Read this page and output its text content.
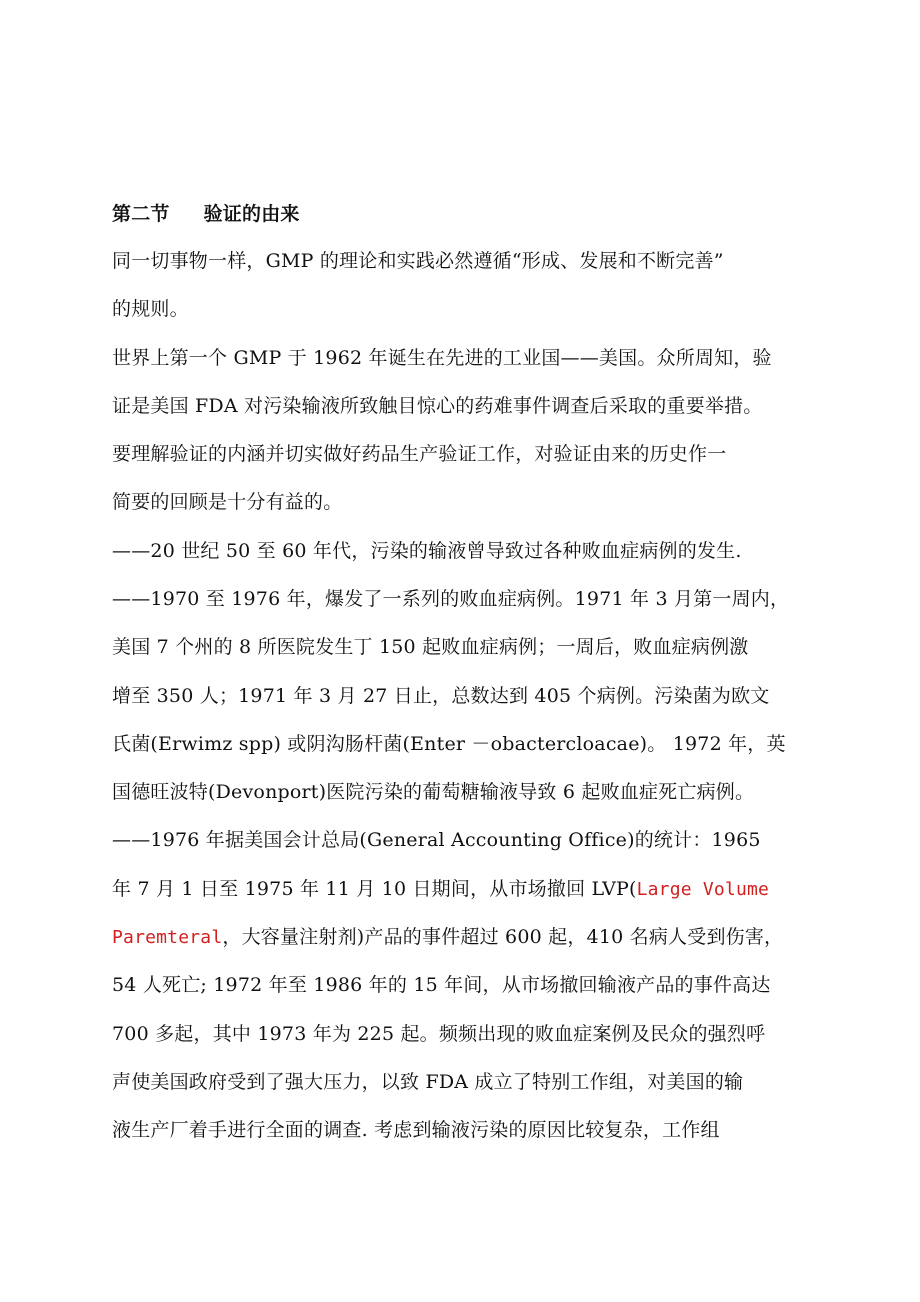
第二节 验证的由来
同一切事物一样，GMP 的理论和实践必然遵循“形成、发展和不断完善”
的规则。
世界上第一个 GMP 于 1962 年诞生在先进的工业国——美国。众所周知，验
证是美国 FDA 对污染输液所致触目惊心的药难事件调查后采取的重要举措。
要理解验证的内涵并切实做好药品生产验证工作，对验证由来的历史作一
简要的回顾是十分有益的。
——20 世纪 50 至 60 年代，污染的输液曾导致过各种败血症病例的发生.
——1970 至 1976 年，爆发了一系列的败血症病例。1971 年 3 月第一周内，
美国 7 个州的 8 所医院发生丁 150 起败血症病例；一周后，败血症病例激
增至 350 人；1971 年 3 月 27 日止，总数达到 405 个病例。污染菌为欧文
氏菌(Erwimz spp) 或阴沟肠杆菌(Enter －obactercloacae)。 1972 年，英
国德旺波特(Devonport)医院污染的葡萄糖输液导致 6 起败血症死亡病例。
——1976 年据美国会计总局(General Accounting Office)的统计：1965
年 7 月 1 日至 1975 年 11 月 10 日期间，从市场撤回 LVP(Large Volume
Paremteral，大容量注射剂)产品的事件超过 600 起，410 名病人受到伤害，
54 人死亡; 1972 年至 1986 年的 15 年间，从市场撤回输液产品的事件高达
700 多起，其中 1973 年为 225 起。频频出现的败血症案例及民众的强烈呼
声使美国政府受到了强大压力，以致 FDA 成立了特别工作组，对美国的输
液生产厂着手进行全面的调查. 考虑到输液污染的原因比较复杂，工作组
